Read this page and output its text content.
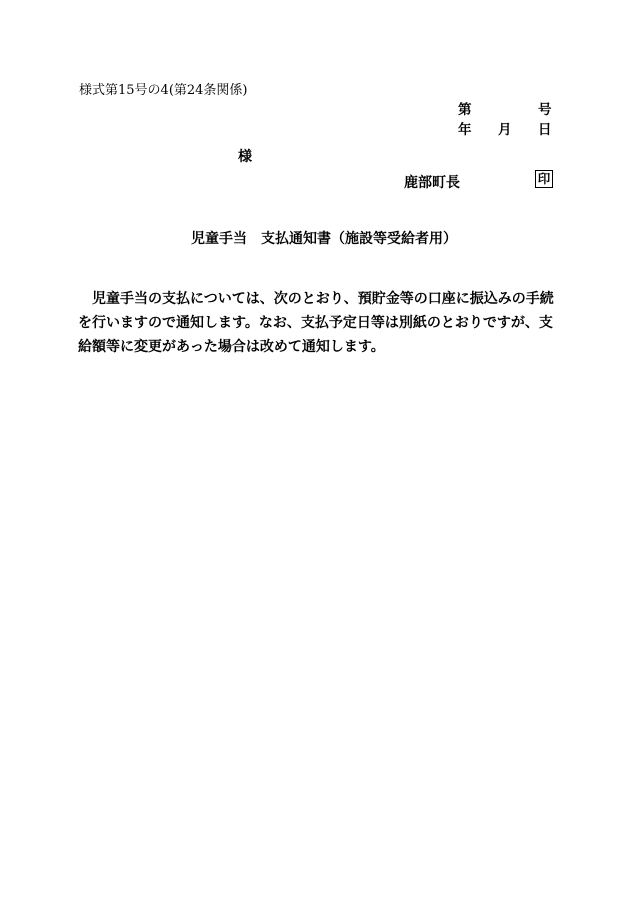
様式第15号の4(第24条関係)
第	号
年 月 日
様
鹿部町長	印
児童手当　支払通知書（施設等受給者用）
児童手当の支払については、次のとおり、預貯金等の口座に振込みの手続を行いますので通知します。なお、支払予定日等は別紙のとおりですが、支給額等に変更があった場合は改めて通知します。
